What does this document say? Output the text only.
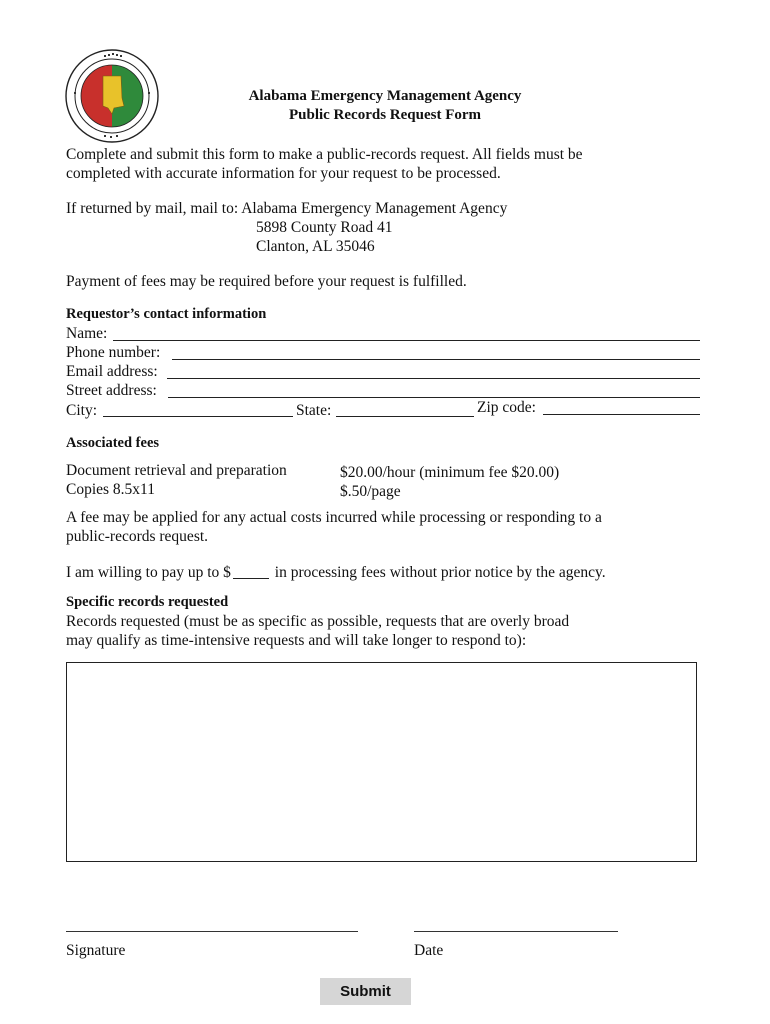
Alabama Emergency Management Agency
Public Records Request Form
Complete and submit this form to make a public-records request. All fields must be
completed with accurate information for your request to be processed.
If returned by mail, mail to: Alabama Emergency Management Agency
5898 County Road 41
Clanton, AL 35046
Payment of fees may be required before your request is fulfilled.
Requestor’s contact information
Name:
Phone number:
Email address:
Street address:
City:	State:	Zip code:
Associated fees
Document retrieval and preparation	$20.00/hour (minimum fee $20.00)
Copies 8.5x11	$.50/page
A fee may be applied for any actual costs incurred while processing or responding to a
public-records request.
I am willing to pay up to $	in processing fees without prior notice by the agency.
Specific records requested
Records requested (must be as specific as possible, requests that are overly broad
may qualify as time-intensive requests and will take longer to respond to):
Signature	Date
Submit
